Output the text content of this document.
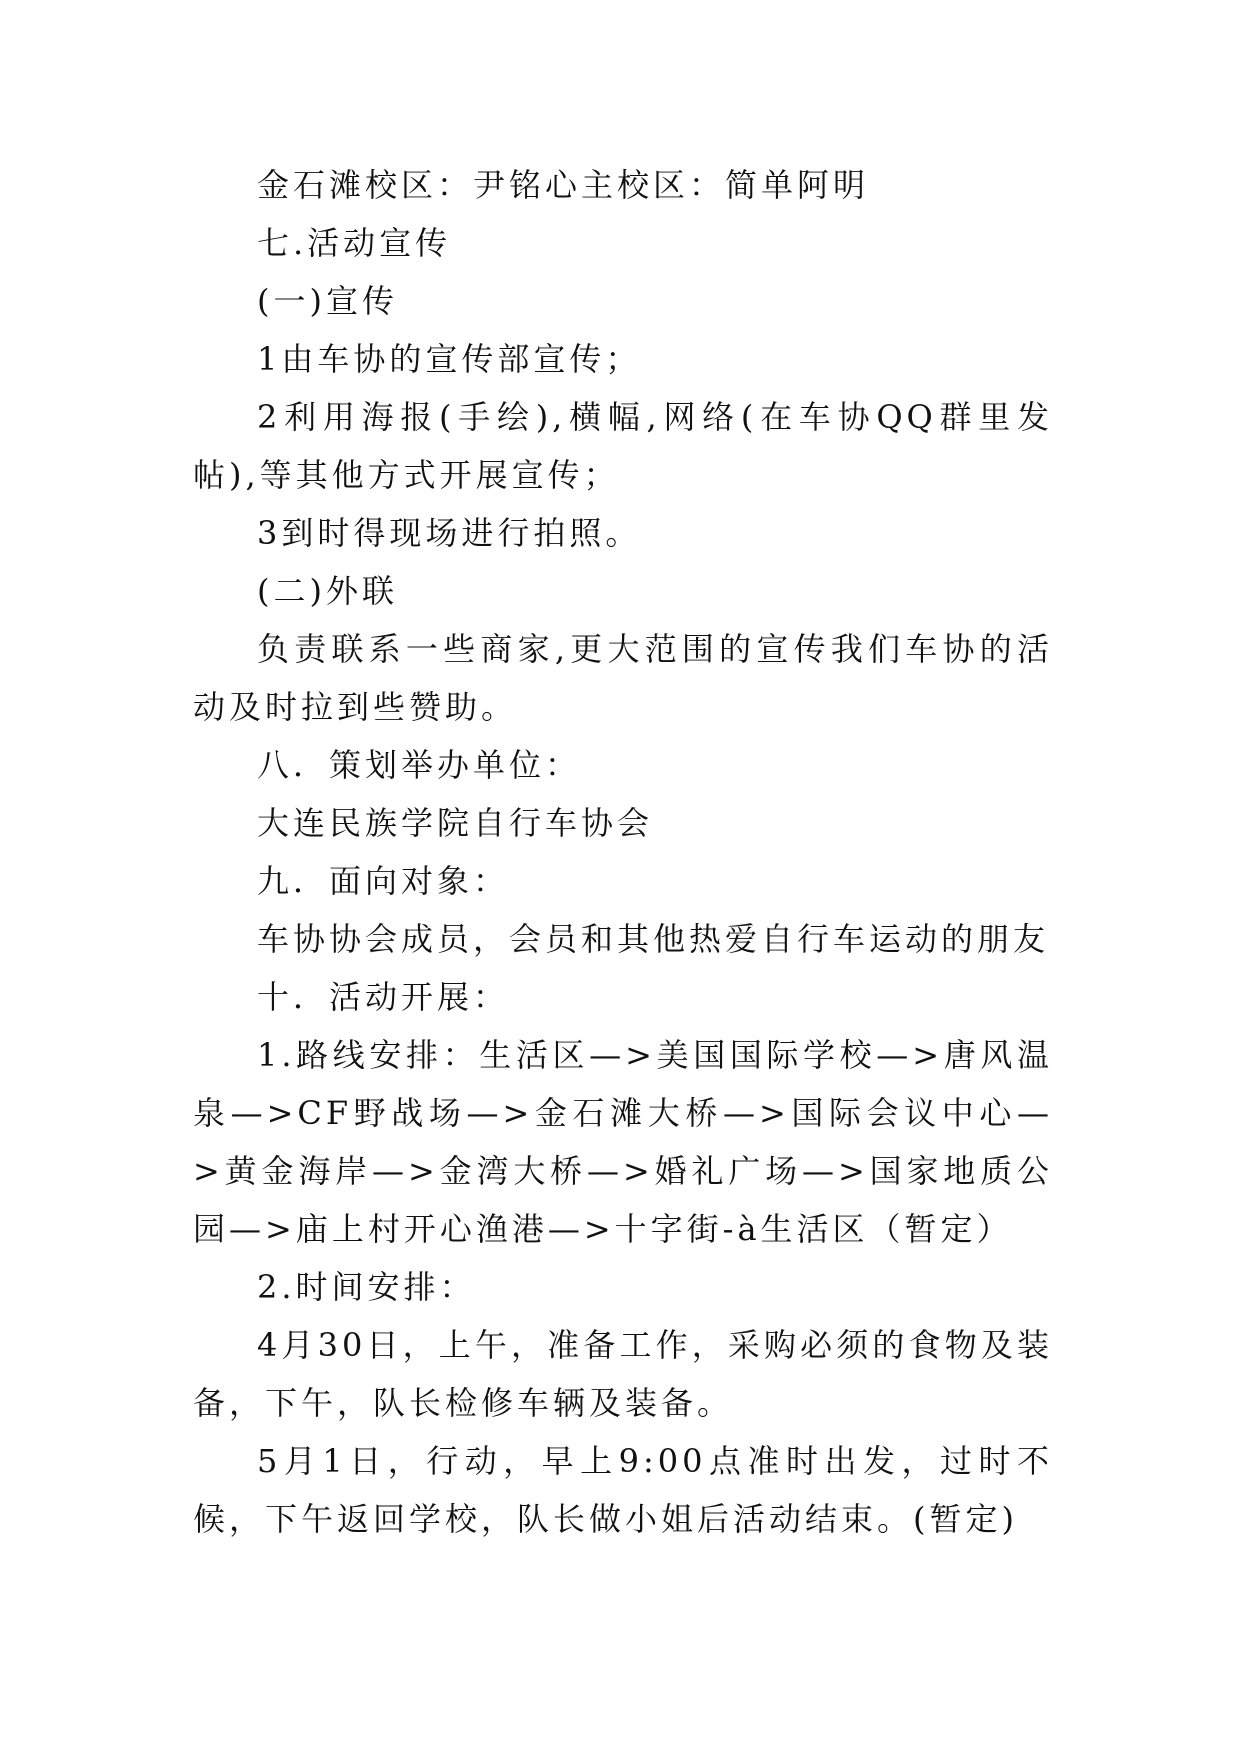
金石滩校区：尹铭心主校区：简单阿明

七.活动宣传

(一)宣传

1由车协的宣传部宣传；

2利用海报(手绘),横幅,网络(在车协QQ群里发帖),等其他方式开展宣传；

3到时得现场进行拍照。

(二)外联

负责联系一些商家,更大范围的宣传我们车协的活动及时拉到些赞助。

八．策划举办单位：

大连民族学院自行车协会

九．面向对象：

车协协会成员，会员和其他热爱自行车运动的朋友

十．活动开展：

1.路线安排：生活区—>美国国际学校—>唐风温泉—>CF野战场—>金石滩大桥—>国际会议中心—>黄金海岸—>金湾大桥—>婚礼广场—>国家地质公园—>庙上村开心渔港—>十字街-à生活区（暂定）

2.时间安排：

4月30日，上午，准备工作，采购必须的食物及装备，下午，队长检修车辆及装备。

5月1日，行动，早上9:00点准时出发，过时不候，下午返回学校，队长做小姐后活动结束。(暂定)
